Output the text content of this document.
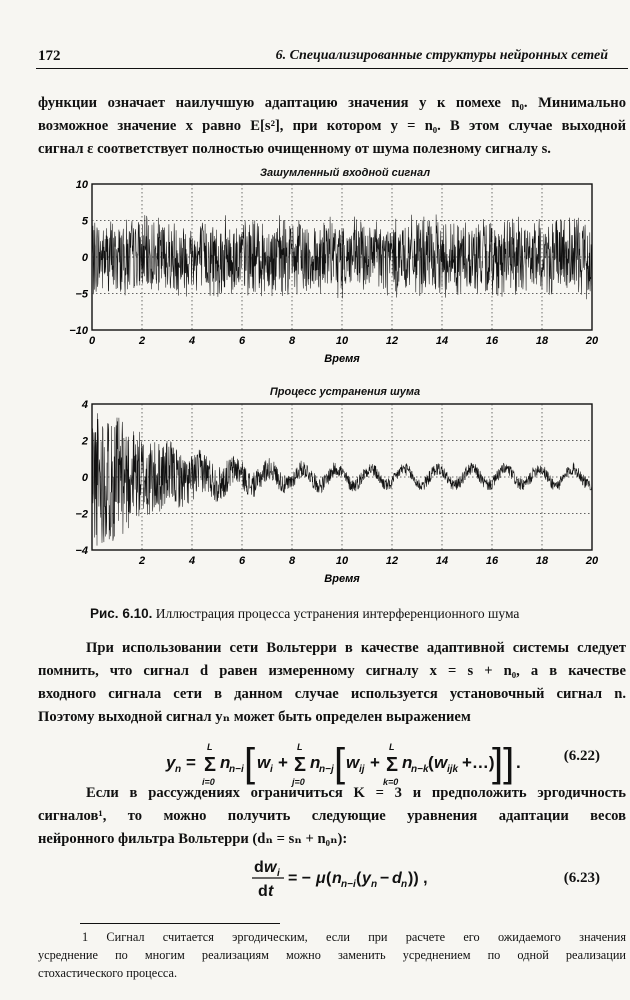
172	6. Специализированные структуры нейронных сетей
функции означает наилучшую адаптацию значения y к помехе n₀. Минимально
возможное значение x равно E[s²], при котором y = n₀. В этом случае выходной
сигнал ε соответствует полностью очищенному от шума полезному сигналу s.
Зашумленный входной сигнал
0	2	4	6	8	10	12	14	16	18	20
10
5
0
−5
−10
Время
Процесс устранения шума
2	4	6	8	10	12	14	16	18	20
4
2
0
−2
−4
Время
Рис. 6.10. Иллюстрация процесса устранения интерференционного шума
При использовании сети Вольтерри в качестве адаптивной системы следует
помнить, что сигнал d равен измеренному сигналу x = s + n₀, а в качестве
входного сигнала сети в данном случае используется установочный сигнал n.
Поэтому выходной сигнал yₙ может быть определен выражением
y n = Σ
L
i=0
n
n−i [ w i + Σ
L
j=0
n
n−j [ w ij + Σ
L
k=0
n
n−k ( w ijk +…)
]] .	(6.22)
Если в рассуждениях ограничиться K = 3 и предположить эргодичность
сигналов¹, то можно получить следующие уравнения адаптации весов
нейронного фильтра Вольтерри (dₙ = sₙ + n₀ₙ):
d w i
d t
= − μ ( n n−i ( y n − d n )) ,	(6.23)
1 Сигнал считается эргодическим, если при расчете его ожидаемого значения
усреднение по многим реализациям можно заменить усреднением по одной реализации
стохастического процесса.
